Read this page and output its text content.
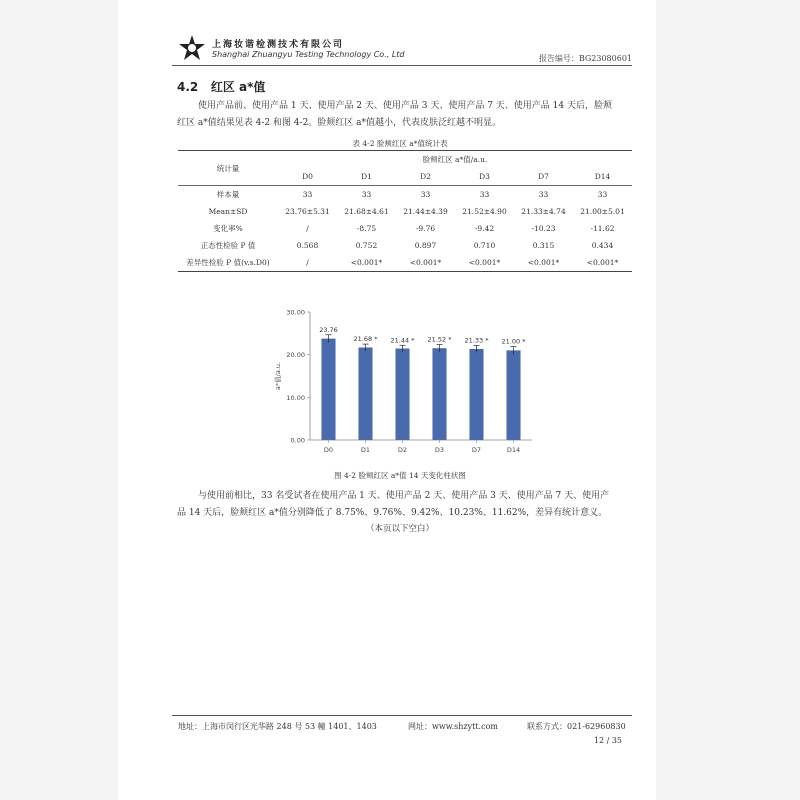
上海妆谐检测技术有限公司
Shanghai Zhuangyu Testing Technology Co., Ltd	报告编号：BG23080601
4.2 红区 a*值
使用产品前、使用产品 1 天、使用产品 2 天、使用产品 3 天、使用产品 7 天、使用产品 14 天后，脸颊
红区 a*值结果见表 4-2 和图 4-2。脸颊红区 a*值越小，代表皮肤泛红越不明显。
表 4-2 脸颊红区 a*值统计表
统计量	脸颊红区 a*值/a.u.					
	D0	D1	D2	D3	D7	D14
样本量	33	33	33	33	33	33
Mean±SD	23.76±5.31	21.68±4.61	21.44±4.39	21.52±4.90	21.33±4.74	21.00±5.01
变化率%	/	-8.75	-9.76	-9.42	-10.23	-11.62
正态性检验 P 值	0.568	0.752	0.897	0.710	0.315	0.434
差异性检验 P 值(v.s.D0)	/	<0.001*	<0.001*	<0.001*	<0.001*	<0.001*
0.00
10.00
20.00
30.00
a*值/a.u.
23.76
D0
21.68 *
D1
21.44 *
D2
21.52 *
D3
21.33 *
D7
21.00 *
D14
图 4-2 脸颊红区 a*值 14 天变化柱状图
与使用前相比，33 名受试者在使用产品 1 天、使用产品 2 天、使用产品 3 天、使用产品 7 天、使用产
品 14 天后，脸颊红区 a*值分别降低了 8.75%、9.76%、9.42%、10.23%、11.62%，差异有统计意义。
（本页以下空白）
地址：上海市闵行区光华路 248 号 53 幢 1401、1403	网址：www.shzytt.com	联系方式：021-62960830
12 / 35
